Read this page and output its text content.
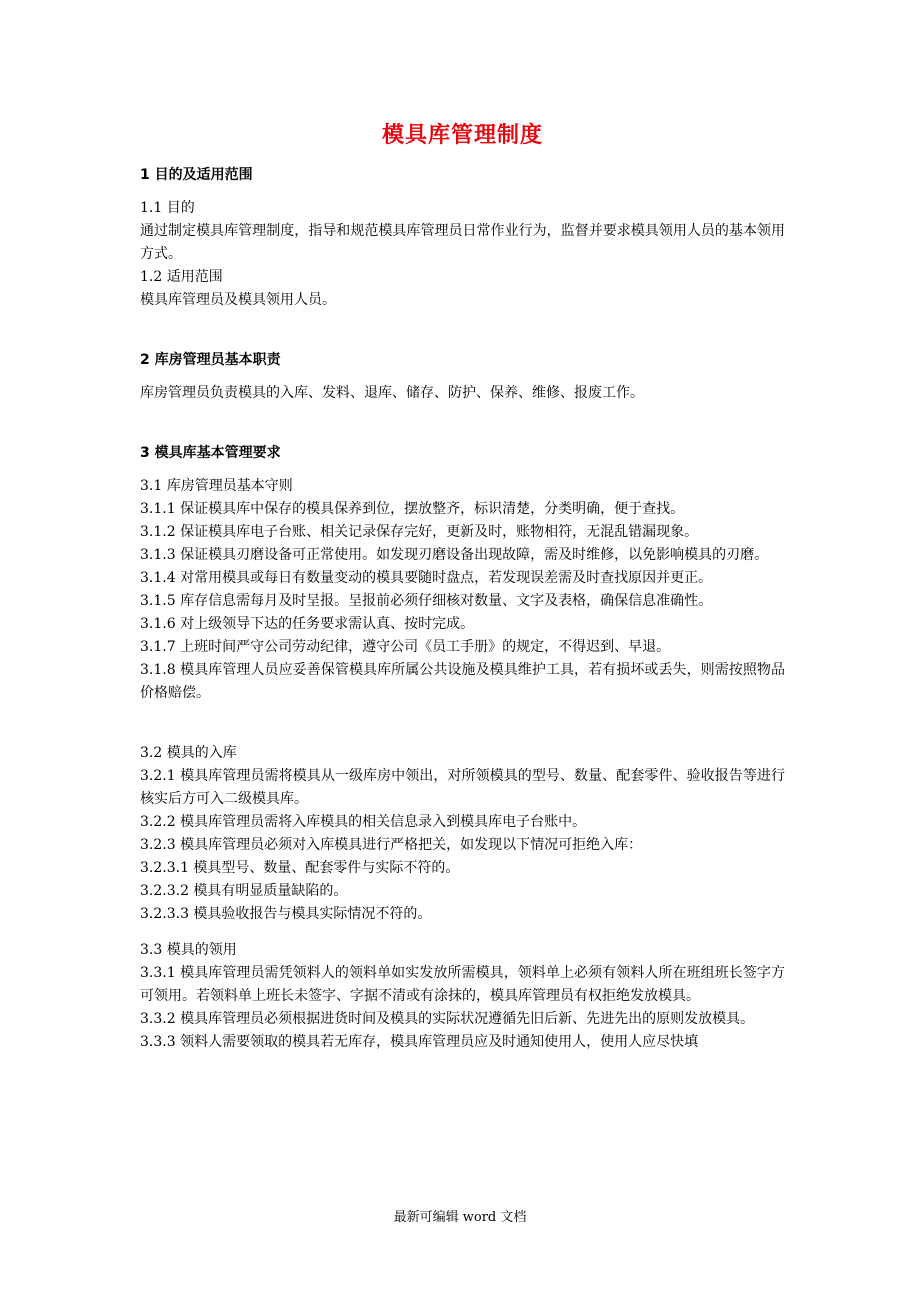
模具库管理制度
1 目的及适用范围
1.1 目的
通过制定模具库管理制度，指导和规范模具库管理员日常作业行为，监督并要求模具领用人员的基本领用方式。
1.2 适用范围
模具库管理员及模具领用人员。
2 库房管理员基本职责
库房管理员负责模具的入库、发料、退库、储存、防护、保养、维修、报废工作。
3 模具库基本管理要求
3.1 库房管理员基本守则
3.1.1 保证模具库中保存的模具保养到位，摆放整齐，标识清楚，分类明确，便于查找。
3.1.2 保证模具库电子台账、相关记录保存完好，更新及时，账物相符，无混乱错漏现象。
3.1.3 保证模具刃磨设备可正常使用。如发现刃磨设备出现故障，需及时维修，以免影响模具的刃磨。
3.1.4 对常用模具或每日有数量变动的模具要随时盘点，若发现误差需及时查找原因并更正。
3.1.5 库存信息需每月及时呈报。呈报前必须仔细核对数量、文字及表格，确保信息准确性。
3.1.6 对上级领导下达的任务要求需认真、按时完成。
3.1.7 上班时间严守公司劳动纪律，遵守公司《员工手册》的规定，不得迟到、早退。
3.1.8 模具库管理人员应妥善保管模具库所属公共设施及模具维护工具，若有损坏或丢失，则需按照物品价格赔偿。
3.2 模具的入库
3.2.1 模具库管理员需将模具从一级库房中领出，对所领模具的型号、数量、配套零件、验收报告等进行核实后方可入二级模具库。
3.2.2 模具库管理员需将入库模具的相关信息录入到模具库电子台账中。
3.2.3 模具库管理员必须对入库模具进行严格把关，如发现以下情况可拒绝入库：
3.2.3.1 模具型号、数量、配套零件与实际不符的。
3.2.3.2 模具有明显质量缺陷的。
3.2.3.3 模具验收报告与模具实际情况不符的。
3.3 模具的领用
3.3.1 模具库管理员需凭领料人的领料单如实发放所需模具，领料单上必须有领料人所在班组班长签字方可领用。若领料单上班长未签字、字据不清或有涂抹的，模具库管理员有权拒绝发放模具。
3.3.2 模具库管理员必须根据进货时间及模具的实际状况遵循先旧后新、先进先出的原则发放模具。
3.3.3 领料人需要领取的模具若无库存，模具库管理员应及时通知使用人，使用人应尽快填
最新可编辑 word 文档
